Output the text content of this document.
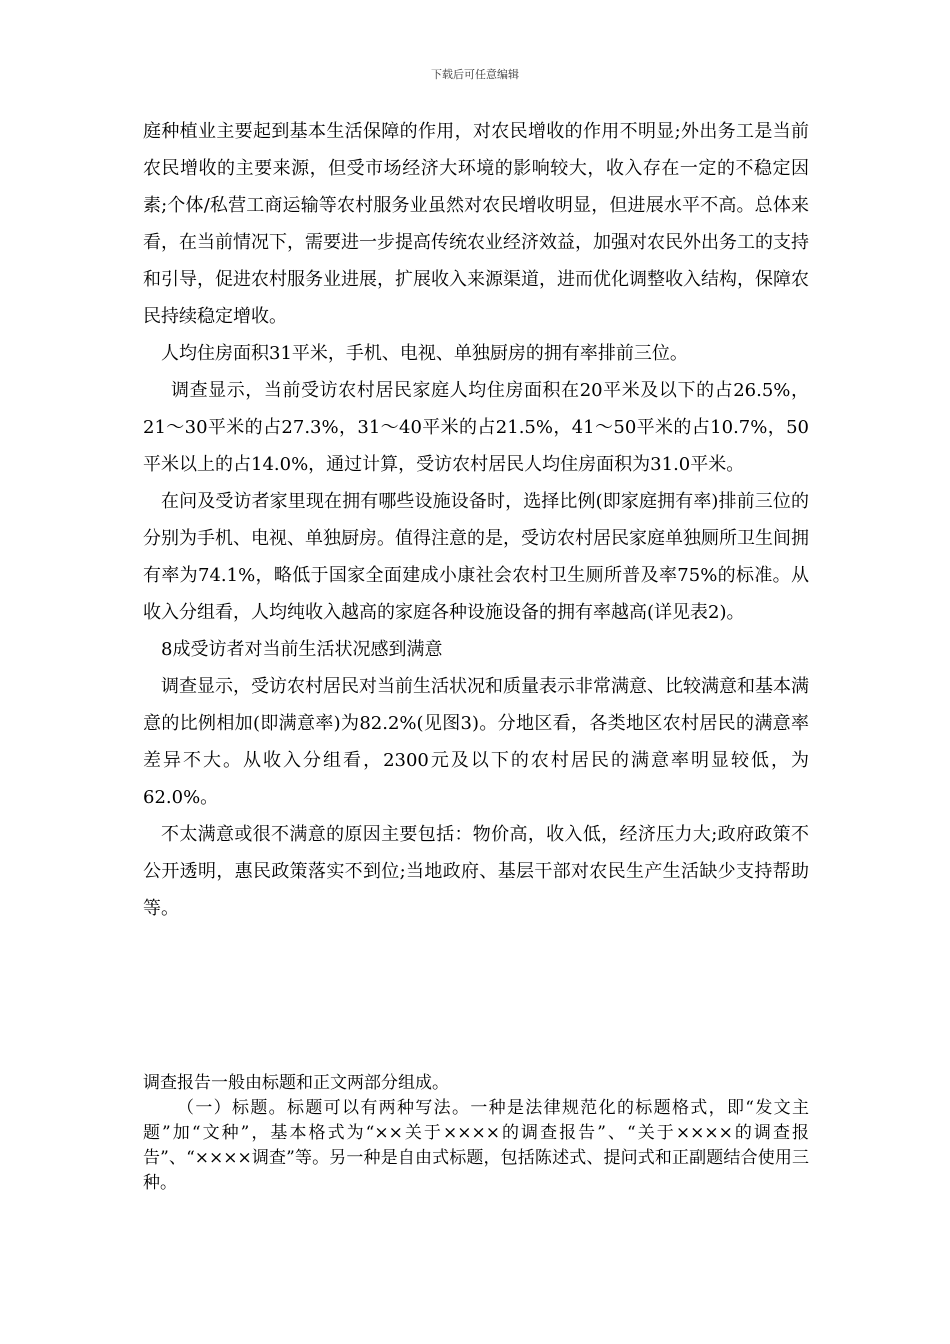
下载后可任意编辑

庭种植业主要起到基本生活保障的作用，对农民增收的作用不明显;外出务工是当前农民增收的主要来源，但受市场经济大环境的影响较大，收入存在一定的不稳定因素;个体/私营工商运输等农村服务业虽然对农民增收明显，但进展水平不高。总体来看，在当前情况下，需要进一步提高传统农业经济效益，加强对农民外出务工的支持和引导，促进农村服务业进展，扩展收入来源渠道，进而优化调整收入结构，保障农民持续稳定增收。

人均住房面积31平米，手机、电视、单独厨房的拥有率排前三位。

调查显示，当前受访农村居民家庭人均住房面积在20平米及以下的占26.5%，21～30平米的占27.3%，31～40平米的占21.5%，41～50平米的占10.7%，50平米以上的占14.0%，通过计算，受访农村居民人均住房面积为31.0平米。

在问及受访者家里现在拥有哪些设施设备时，选择比例(即家庭拥有率)排前三位的分别为手机、电视、单独厨房。值得注意的是，受访农村居民家庭单独厕所卫生间拥有率为74.1%，略低于国家全面建成小康社会农村卫生厕所普及率75%的标准。从收入分组看，人均纯收入越高的家庭各种设施设备的拥有率越高(详见表2)。

8成受访者对当前生活状况感到满意

调查显示，受访农村居民对当前生活状况和质量表示非常满意、比较满意和基本满意的比例相加(即满意率)为82.2%(见图3)。分地区看，各类地区农村居民的满意率差异不大。从收入分组看，2300元及以下的农村居民的满意率明显较低，为62.0%。

不太满意或很不满意的原因主要包括：物价高，收入低，经济压力大;政府政策不公开透明，惠民政策落实不到位;当地政府、基层干部对农民生产生活缺少支持帮助等。

调查报告一般由标题和正文两部分组成。

（一）标题。标题可以有两种写法。一种是法律规范化的标题格式，即“发文主题”加“文种”，基本格式为“××关于××××的调查报告”、“关于××××的调查报告”、“××××调查”等。另一种是自由式标题，包括陈述式、提问式和正副题结合使用三种。
